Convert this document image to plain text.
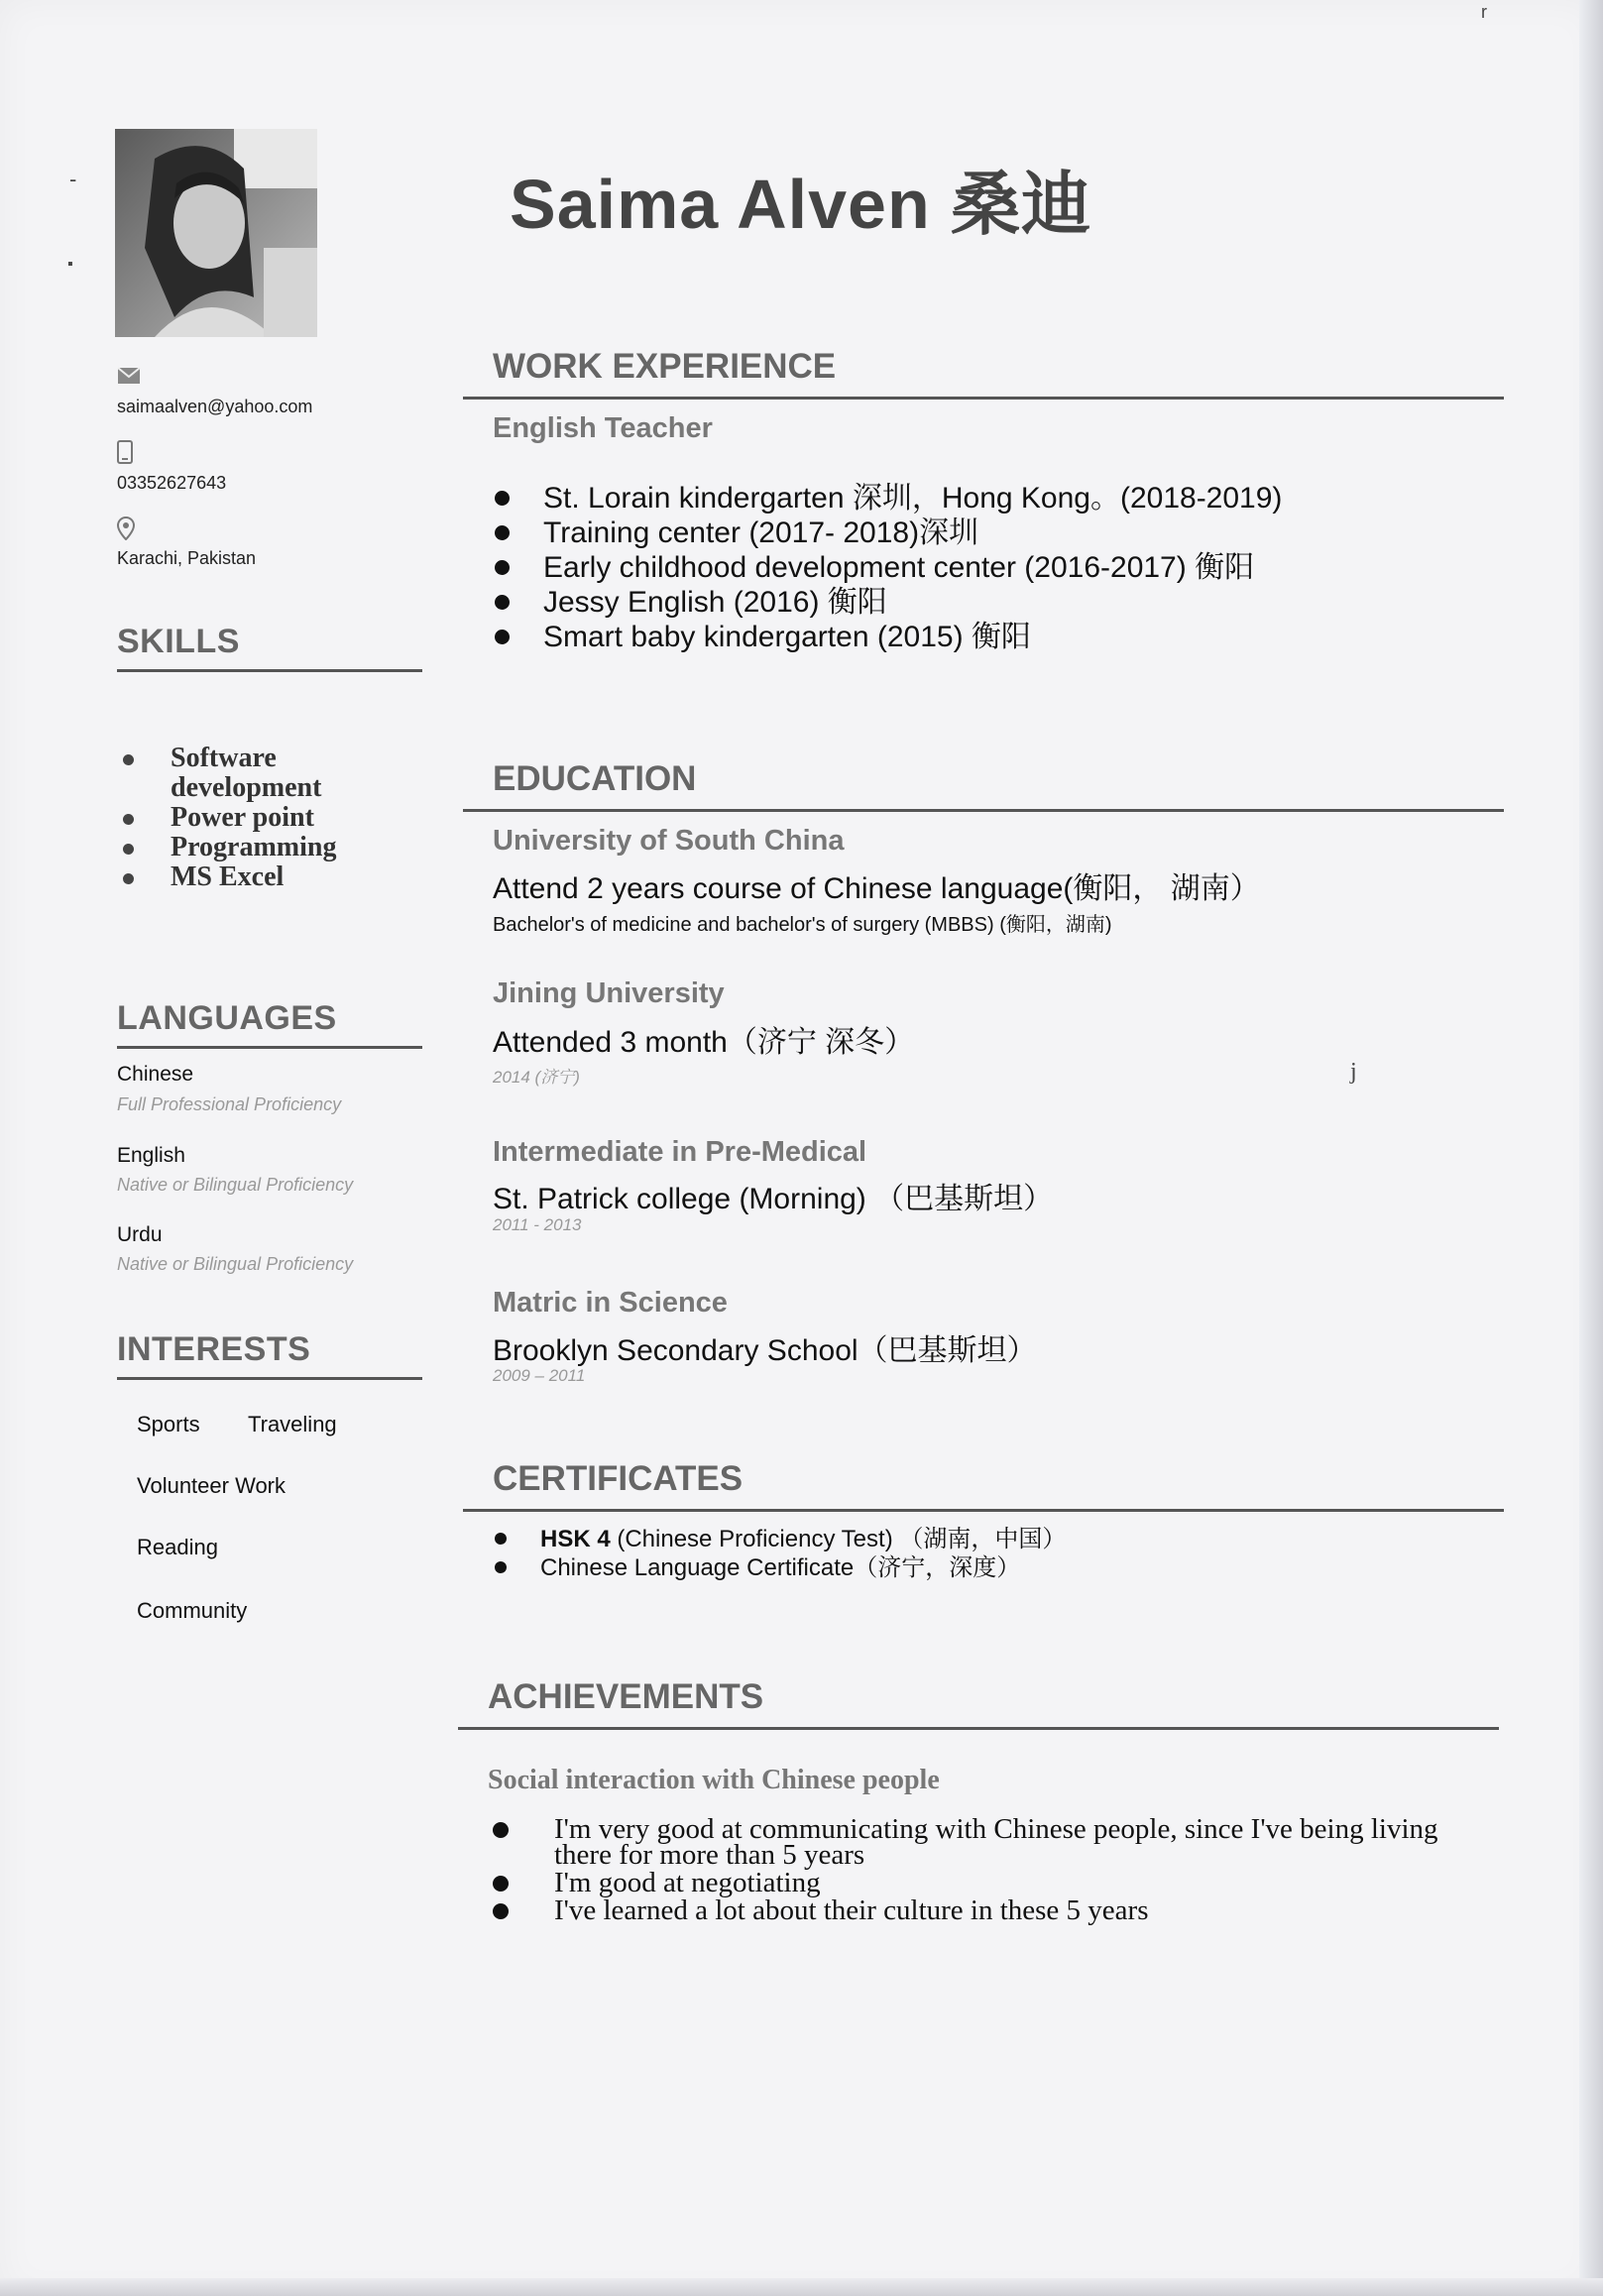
-
▪
r
j
saimaalven@yahoo.com
03352627643
Karachi, Pakistan
SKILLS
Software development
Power point
Programming
MS Excel
LANGUAGES
Chinese
Full Professional Proficiency
English
Native or Bilingual Proficiency
Urdu
Native or Bilingual Proficiency
INTERESTS
Sports Traveling
Volunteer Work
Reading
Community
Saima Alven 桑迪
WORK EXPERIENCE
English Teacher
St. Lorain kindergarten 深圳，Hong Kong。(2018-2019)
Training center (2017- 2018)深圳
Early childhood development center (2016-2017) 衡阳
Jessy English (2016) 衡阳
Smart baby kindergarten (2015) 衡阳
EDUCATION
University of South China
Attend 2 years course of Chinese language(衡阳， 湖南）
Bachelor's of medicine and bachelor's of surgery (MBBS) (衡阳，湖南)
Jining University
Attended 3 month（济宁 深冬）
2014 (济宁)
Intermediate in Pre-Medical
St. Patrick college (Morning) （巴基斯坦）
2011 - 2013
Matric in Science
Brooklyn Secondary School（巴基斯坦）
2009 – 2011
CERTIFICATES
HSK 4 (Chinese Proficiency Test) （湖南，中国）
Chinese Language Certificate（济宁，深度）
ACHIEVEMENTS
Social interaction with Chinese people
I'm very good at communicating with Chinese people, since I've being living there for more than 5 years
I'm good at negotiating
I've learned a lot about their culture in these 5 years
